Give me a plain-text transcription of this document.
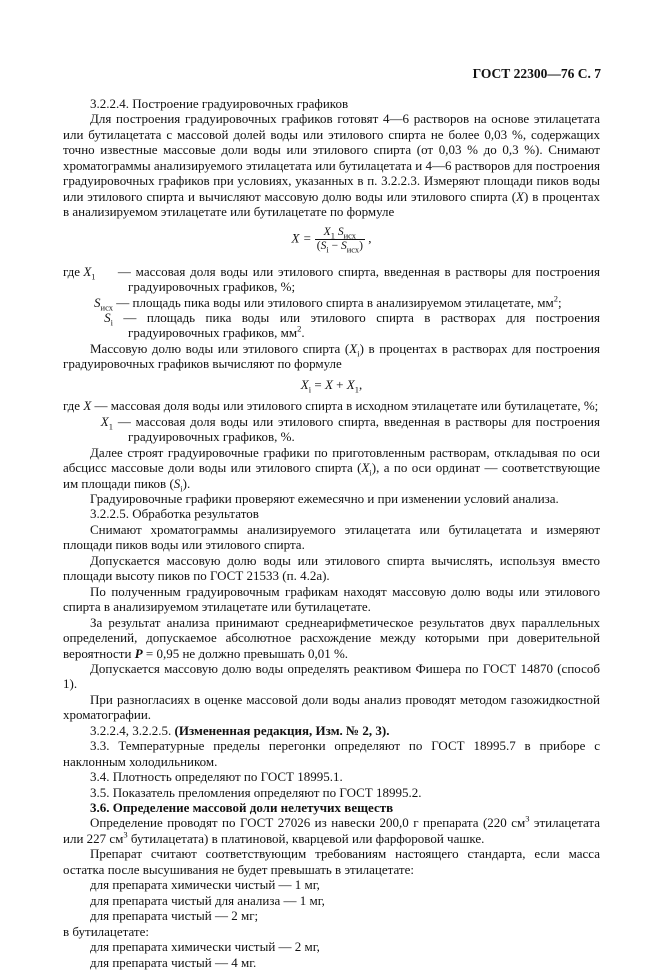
ГОСТ 22300—76 С. 7

3.2.2.4. Построение градуировочных графиков

Для построения градуировочных графиков готовят 4—6 растворов на основе этилацетата или бутилацетата с массовой долей воды или этилового спирта не более 0,03 %, содержащих точно известные массовые доли воды или этилового спирта (от 0,03 % до 0,3 %). Снимают хроматограммы анализируемого этилацетата или бутилацетата и 4—6 растворов для построения градуировочных графиков при условиях, указанных в п. 3.2.2.3. Измеряют площади пиков воды или этилового спирта и вычисляют массовую долю воды или этилового спирта (X) в процентах в анализируемом этилацетате или бутилацетате по формуле

$X = \frac{X_1 S_{исх}}{(S_i - S_{исх})}$ ,
где $X_1$ — массовая доля воды или этилового спирта, введенная в растворы для построения градуировочных графиков, %;
$S_{исх}$ — площадь пика воды или этилового спирта в анализируемом этилацетате, $мм^2$;
$S_i$ — площадь пика воды или этилового спирта в растворах для построения градуировочных графиков, $мм^2$.

Массовую долю воды или этилового спирта $(X_i)$ в процентах в растворах для построения градуировочных графиков вычисляют по формуле

$X_i = X + X_1$,
где X — массовая доля воды или этилового спирта в исходном этилацетате или бутилацетате, %;
$X_1$ — массовая доля воды или этилового спирта, введенная в растворы для построения градуировочных графиков, %.

Далее строят градуировочные графики по приготовленным растворам, откладывая по оси абсцисс массовые доли воды или этилового спирта $(X_i)$, а по оси ординат — соответствующие им площади пиков $(S_i)$.

Градуировочные графики проверяют ежемесячно и при изменении условий анализа.

3.2.2.5. Обработка результатов

Снимают хроматограммы анализируемого этилацетата или бутилацетата и измеряют площади пиков воды или этилового спирта.

Допускается массовую долю воды или этилового спирта вычислять, используя вместо площади высоту пиков по ГОСТ 21533 (п. 4.2а).

По полученным градуировочным графикам находят массовую долю воды или этилового спирта в анализируемом этилацетате или бутилацетате.

За результат анализа принимают среднеарифметическое результатов двух параллельных определений, допускаемое абсолютное расхождение между которыми при доверительной вероятности P = 0,95 не должно превышать 0,01 %.

Допускается массовую долю воды определять реактивом Фишера по ГОСТ 14870 (способ 1).

При разногласиях в оценке массовой доли воды анализ проводят методом газожидкостной хроматографии.

3.2.2.4, 3.2.2.5. (Измененная редакция, Изм. № 2, 3).

3.3. Температурные пределы перегонки определяют по ГОСТ 18995.7 в приборе с наклонным холодильником.

3.4. Плотность определяют по ГОСТ 18995.1.

3.5. Показатель преломления определяют по ГОСТ 18995.2.

3.6. Определение массовой доли нелетучих веществ

Определение проводят по ГОСТ 27026 из навески 200,0 г препарата (220 $см^3$ этилацетата или 227 $см^3$ бутилацетата) в платиновой, кварцевой или фарфоровой чашке.

Препарат считают соответствующим требованиям настоящего стандарта, если масса остатка после высушивания не будет превышать в этилацетате:

для препарата химически чистый — 1 мг,
для препарата чистый для анализа — 1 мг,
для препарата чистый — 2 мг;
в бутилацетате:
для препарата химически чистый — 2 мг,
для препарата чистый — 4 мг.
